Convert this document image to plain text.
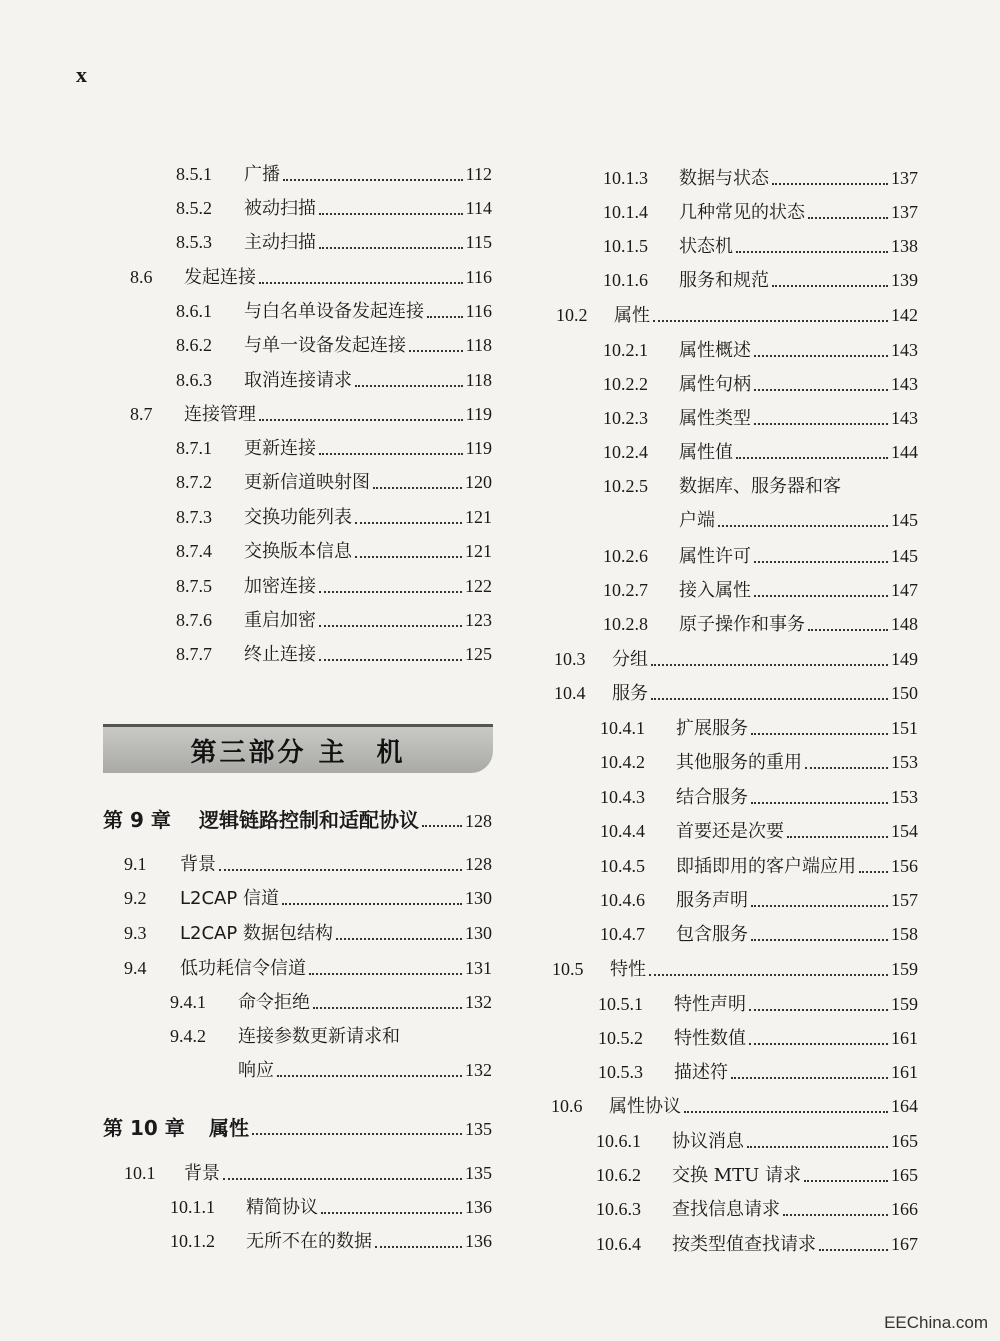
x
8.5.1	广播	112
8.5.2	被动扫描	114
8.5.3	主动扫描	115
8.6	发起连接	116
8.6.1	与白名单设备发起连接 116
8.6.2	与单一设备发起连接	118
8.6.3	取消连接请求	118
8.7	连接管理	119
8.7.1	更新连接	119
8.7.2	更新信道映射图	120
8.7.3	交换功能列表	121
8.7.4	交换版本信息	121
8.7.5	加密连接	122
8.7.6	重启加密	123
8.7.7	终止连接	125
第 9 章	逻辑链路控制和适配协议	128
9.1	背景	128
9.2	L2CAP 信道	130
9.3	L2CAP 数据包结构	130
9.4	低功耗信令信道	131
9.4.1	命令拒绝	132
9.4.2	连接参数更新请求和
响应	132
第 10 章	属性	135
10.1	背景	135
10.1.1	精简协议	136
10.1.2	无所不在的数据	136
10.1.3	数据与状态	137
10.1.4	几种常见的状态	137
10.1.5	状态机	138
10.1.6	服务和规范	139
10.2	属性	142
10.2.1	属性概述	143
10.2.2	属性句柄	143
10.2.3	属性类型	143
10.2.4	属性值	144
10.2.5	数据库、服务器和客
户端	145
10.2.6	属性许可	145
10.2.7	接入属性	147
10.2.8	原子操作和事务	148
10.3	分组	149
10.4	服务	150
10.4.1	扩展服务	151
10.4.2	其他服务的重用	153
10.4.3	结合服务	153
10.4.4	首要还是次要	154
10.4.5	即插即用的客户端应用 156
10.4.6	服务声明	157
10.4.7	包含服务	158
10.5	特性	159
10.5.1	特性声明	159
10.5.2	特性数值	161
10.5.3	描述符	161
10.6	属性协议	164
10.6.1	协议消息	165
10.6.2	交换 MTU 请求	165
10.6.3	查找信息请求	166
10.6.4	按类型值查找请求	167
第三部分 主　机
EEChina.com
